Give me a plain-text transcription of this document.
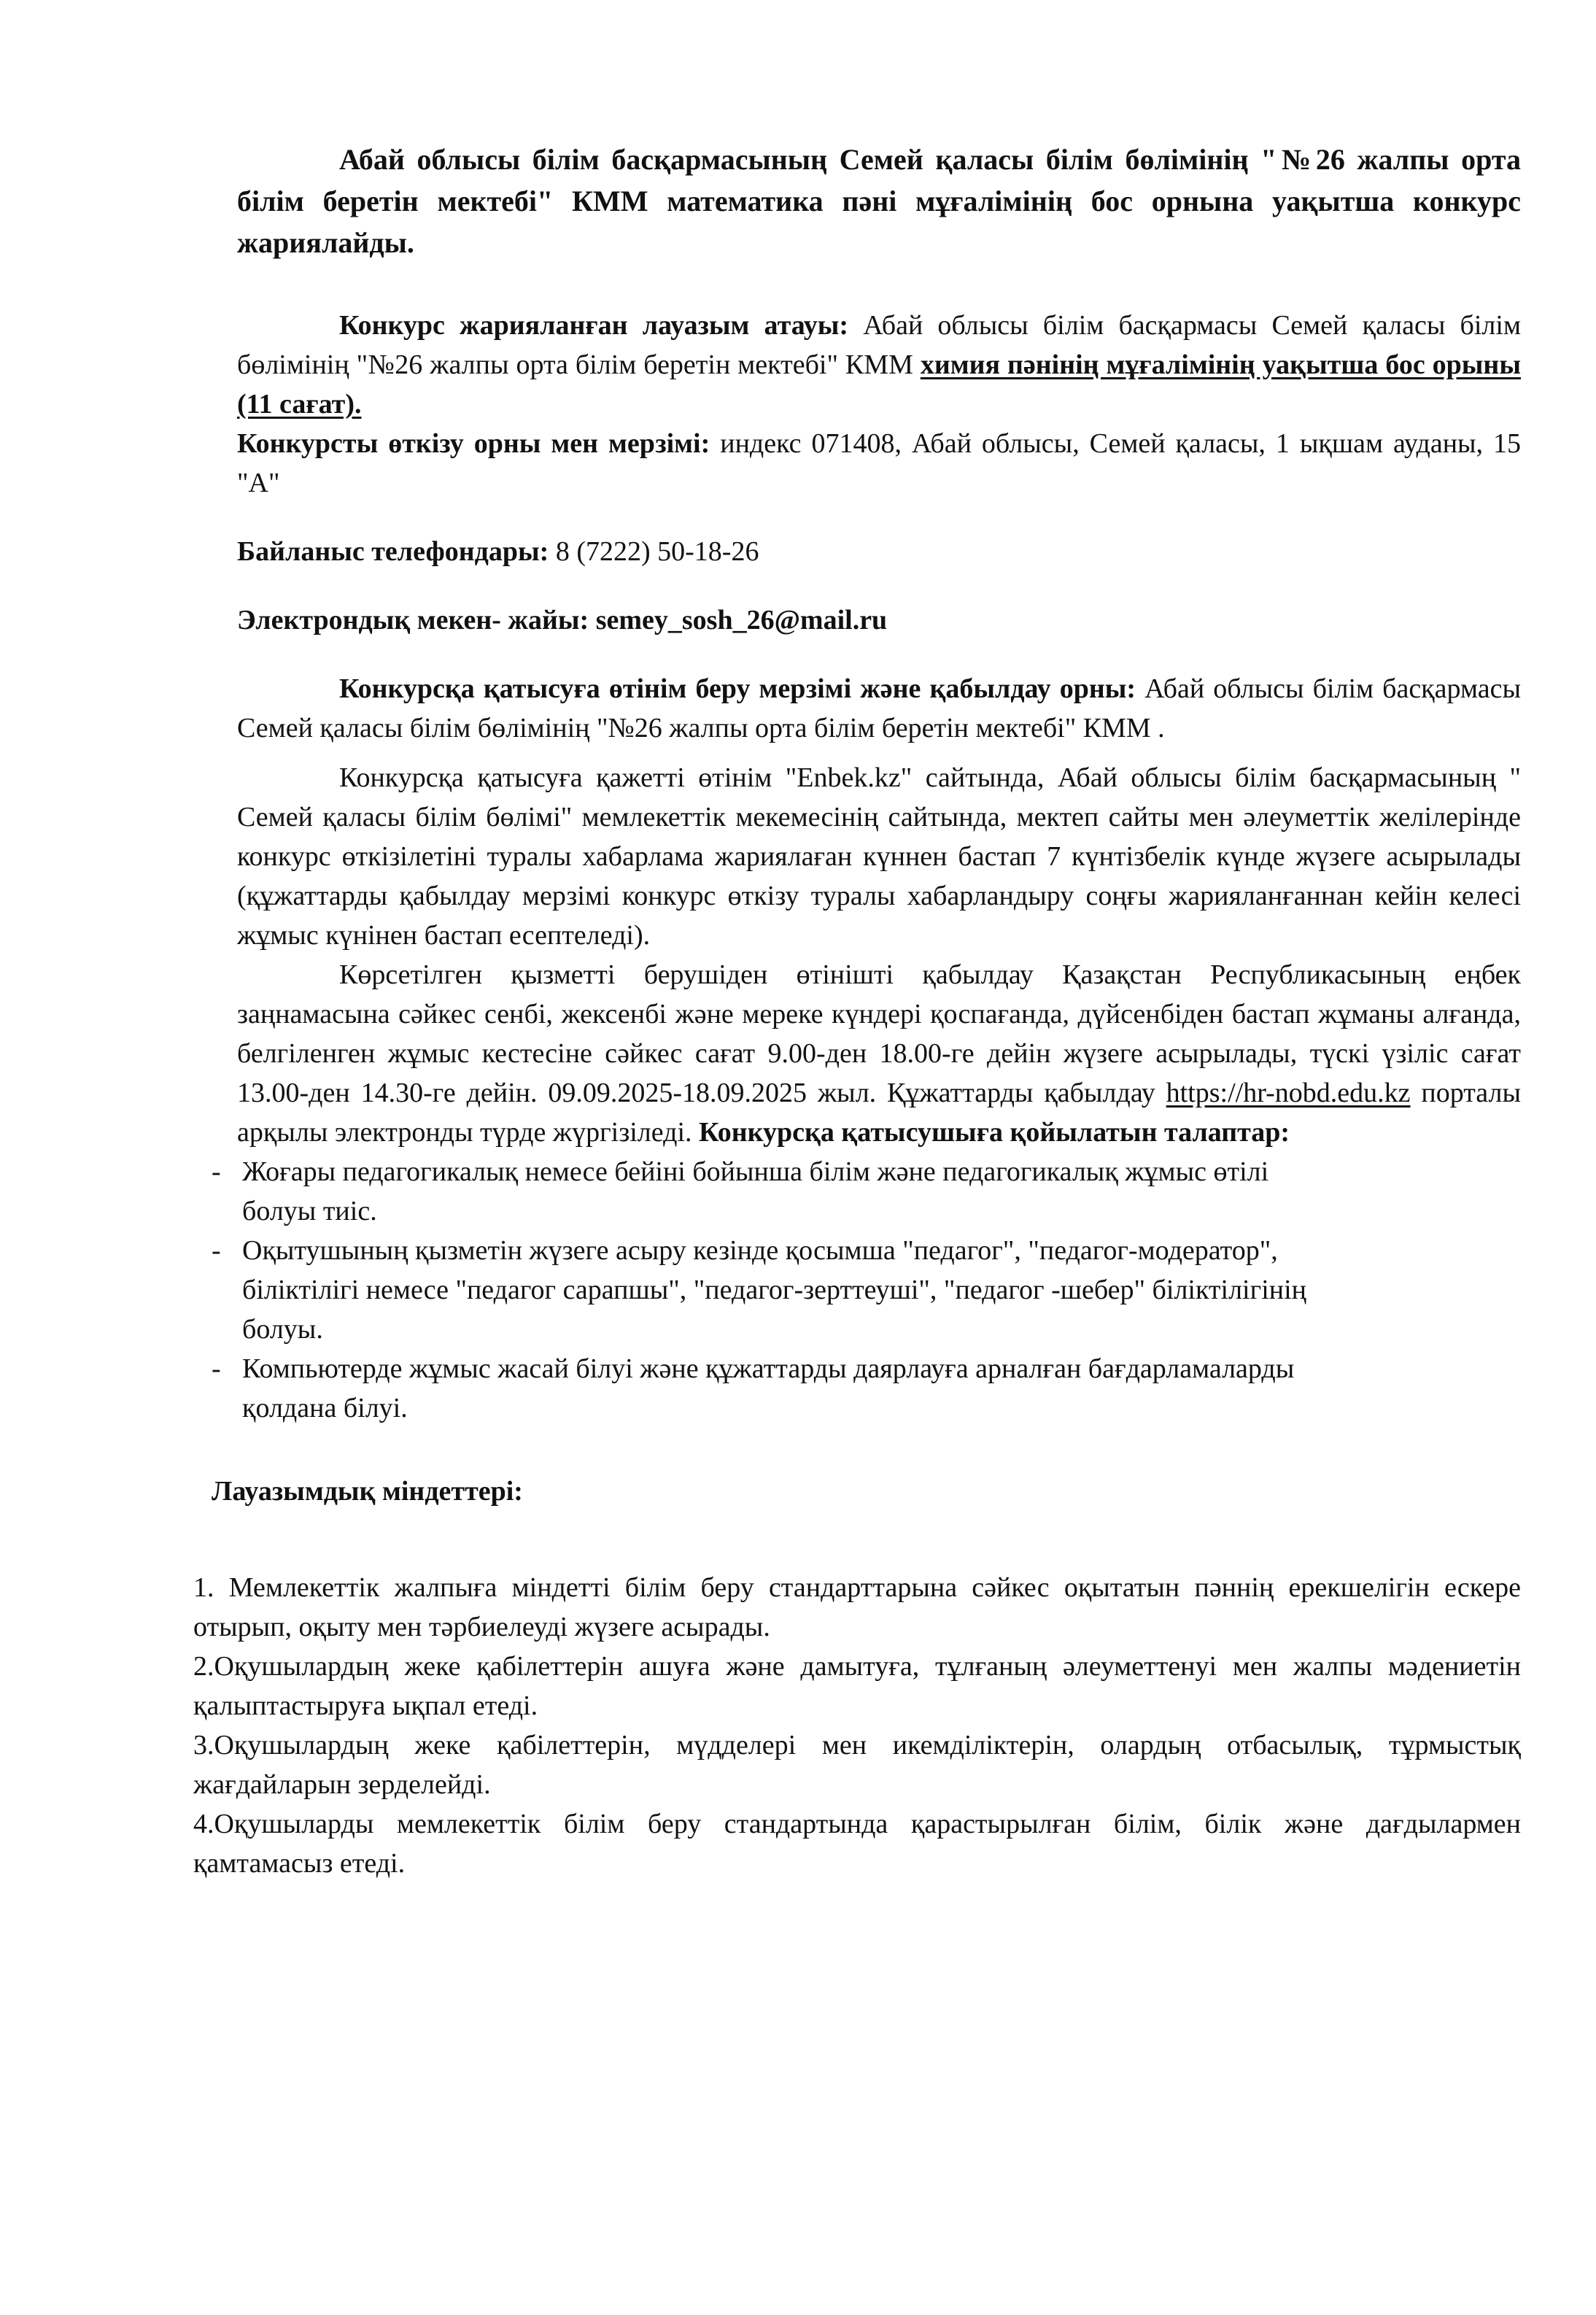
Абай облысы білім басқармасының Семей қаласы білім бөлімінің "№26 жалпы орта білім беретін мектебі" КММ математика пәні мұғалімінің бос орнына уақытша конкурс жариялайды.

Конкурс жарияланған лауазым атауы: Абай облысы білім басқармасы Семей қаласы білім бөлімінің "№26 жалпы орта білім беретін мектебі" КММ химия пәнінің мұғалімінің уақытша бос орыны (11 сағат).

Конкурсты өткізу орны мен мерзімі: индекс 071408, Абай облысы, Семей қаласы, 1 ықшам ауданы, 15 "А"

Байланыс телефондары: 8 (7222) 50-18-26

Электрондық мекен- жайы: semey_sosh_26@mail.ru

Конкурсқа қатысуға өтінім беру мерзімі және қабылдау орны: Абай облысы білім басқармасы Семей қаласы білім бөлімінің "№26 жалпы орта білім беретін мектебі" КММ .

Конкурсқа қатысуға қажетті өтінім "Enbek.kz" сайтында, Абай облысы білім басқармасының " Семей қаласы білім бөлімі" мемлекеттік мекемесінің сайтында, мектеп сайты мен әлеуметтік желілерінде конкурс өткізілетіні туралы хабарлама жариялаған күннен бастап 7 күнтізбелік күнде жүзеге асырылады (құжаттарды қабылдау мерзімі конкурс өткізу туралы хабарландыру соңғы жарияланғаннан кейін келесі жұмыс күнінен бастап есептеледі).

Көрсетілген қызметті берушіден өтінішті қабылдау Қазақстан Республикасының еңбек заңнамасына сәйкес сенбі, жексенбі және мереке күндері қоспағанда, дүйсенбіден бастап жұманы алғанда, белгіленген жұмыс кестесіне сәйкес сағат 9.00-ден 18.00-ге дейін жүзеге асырылады, түскі үзіліс сағат 13.00-ден 14.30-ге дейін. 09.09.2025-18.09.2025 жыл. Құжаттарды қабылдау https://hr-nobd.edu.kz порталы арқылы электронды түрде жүргізіледі. Конкурсқа қатысушыға қойылатын талаптар:

- Жоғары педагогикалық немесе бейіні бойынша білім және педагогикалық жұмыс өтілі болуы тиіс.
- Оқытушының қызметін жүзеге асыру кезінде қосымша "педагог", "педагог-модератор", біліктілігі немесе "педагог сарапшы", "педагог-зерттеуші", "педагог -шебер" біліктілігінің болуы.
- Компьютерде жұмыс жасай білуі және құжаттарды даярлауға арналған бағдарламаларды қолдана білуі.

Лауазымдық міндеттері:

1. Мемлекеттік жалпыға міндетті білім беру стандарттарына сәйкес оқытатын пәннің ерекшелігін ескере отырып, оқыту мен тәрбиелеуді жүзеге асырады.
2.Оқушылардың жеке қабілеттерін ашуға және дамытуға, тұлғаның әлеуметтенуі мен жалпы мәдениетін қалыптастыруға ықпал етеді.
3.Оқушылардың жеке қабілеттерін, мүдделері мен икемділіктерін, олардың отбасылық, тұрмыстық жағдайларын зерделейді.
4.Оқушыларды мемлекеттік білім беру стандартында қарастырылған білім, білік және дағдылармен қамтамасыз етеді.
